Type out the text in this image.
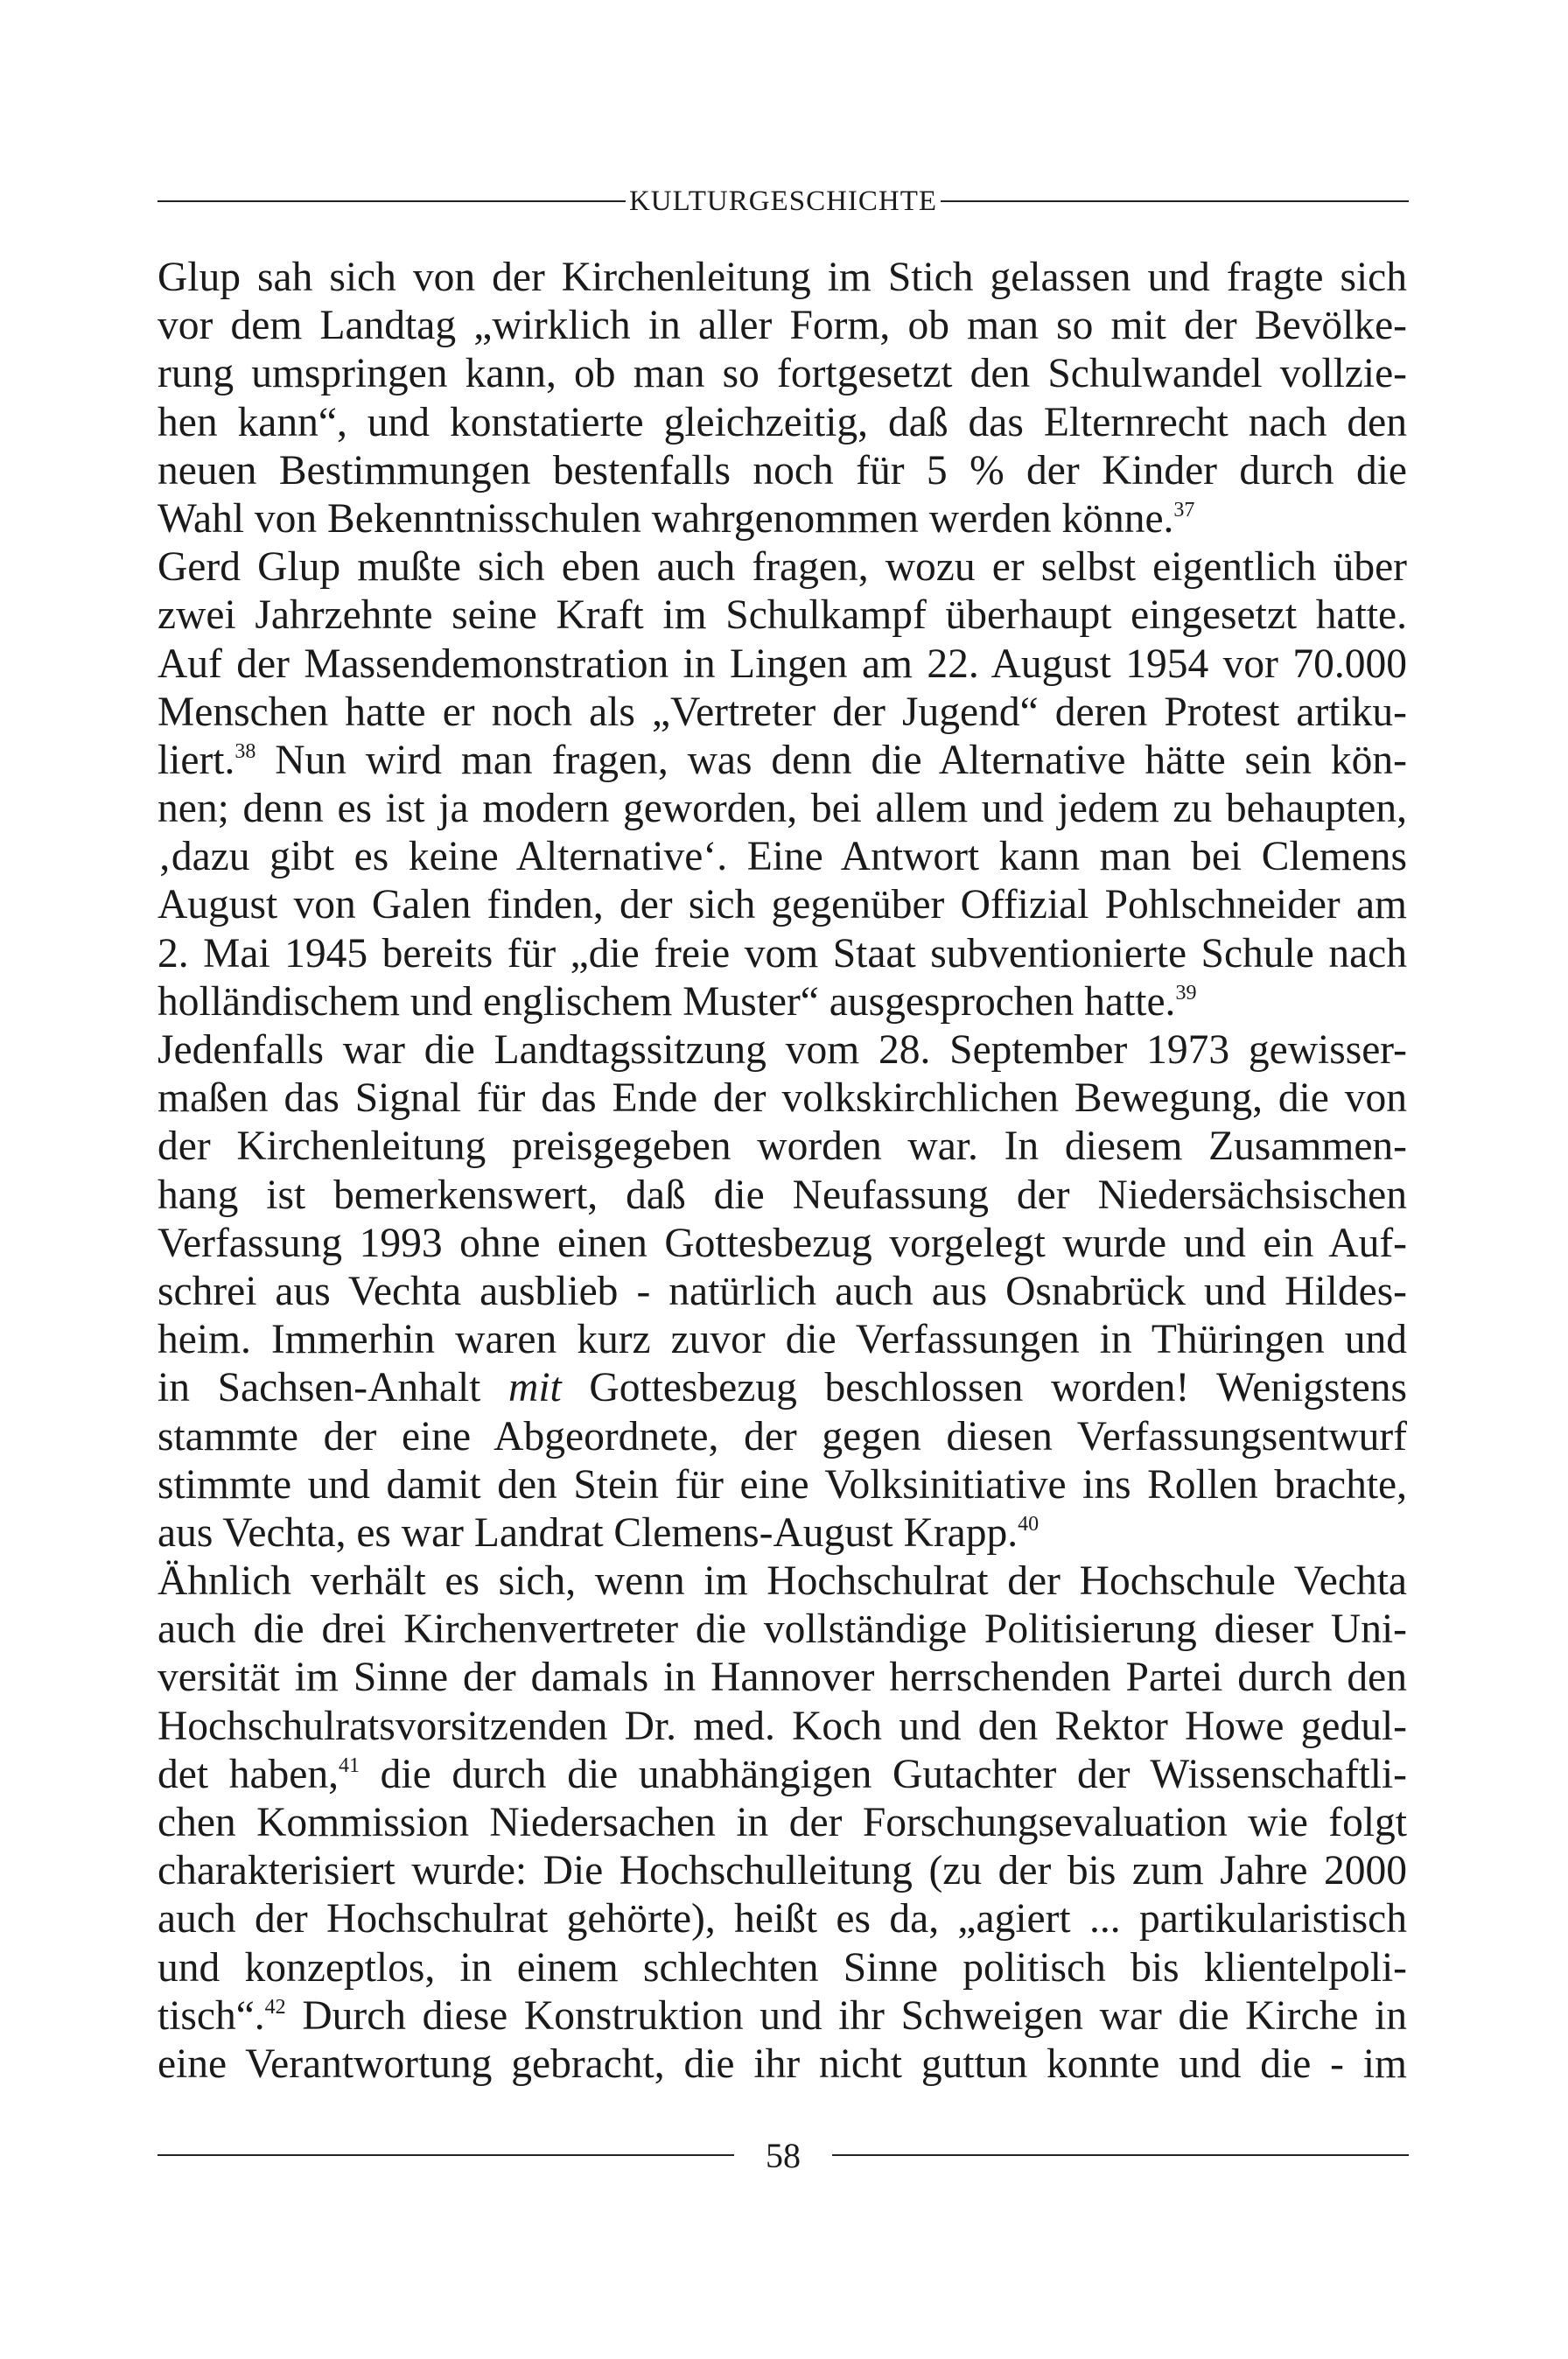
KULTURGESCHICHTE
Glup sah sich von der Kirchenleitung im Stich gelassen und fragte sich
vor dem Landtag „wirklich in aller Form, ob man so mit der Bevölke-
rung umspringen kann, ob man so fortgesetzt den Schulwandel vollzie-
hen kann“, und konstatierte gleichzeitig, daß das Elternrecht nach den
neuen Bestimmungen bestenfalls noch für 5 % der Kinder durch die
Wahl von Bekenntnisschulen wahrgenommen werden könne.$^{37}$
Gerd Glup mußte sich eben auch fragen, wozu er selbst eigentlich über
zwei Jahrzehnte seine Kraft im Schulkampf überhaupt eingesetzt hatte.
Auf der Massendemonstration in Lingen am 22. August 1954 vor 70.000
Menschen hatte er noch als „Vertreter der Jugend“ deren Protest artiku-
liert.$^{38}$ Nun wird man fragen, was denn die Alternative hätte sein kön-
nen; denn es ist ja modern geworden, bei allem und jedem zu behaupten,
‚dazu gibt es keine Alternative‘. Eine Antwort kann man bei Clemens
August von Galen finden, der sich gegenüber Offizial Pohlschneider am
2. Mai 1945 bereits für „die freie vom Staat subventionierte Schule nach
holländischem und englischem Muster“ ausgesprochen hatte.$^{39}$
Jedenfalls war die Landtagssitzung vom 28. September 1973 gewisser-
maßen das Signal für das Ende der volkskirchlichen Bewegung, die von
der Kirchenleitung preisgegeben worden war. In diesem Zusammen-
hang ist bemerkenswert, daß die Neufassung der Niedersächsischen
Verfassung 1993 ohne einen Gottesbezug vorgelegt wurde und ein Auf-
schrei aus Vechta ausblieb - natürlich auch aus Osnabrück und Hildes-
heim. Immerhin waren kurz zuvor die Verfassungen in Thüringen und
in Sachsen-Anhalt mit Gottesbezug beschlossen worden! Wenigstens
stammte der eine Abgeordnete, der gegen diesen Verfassungsentwurf
stimmte und damit den Stein für eine Volksinitiative ins Rollen brachte,
aus Vechta, es war Landrat Clemens-August Krapp.$^{40}$
Ähnlich verhält es sich, wenn im Hochschulrat der Hochschule Vechta
auch die drei Kirchenvertreter die vollständige Politisierung dieser Uni-
versität im Sinne der damals in Hannover herrschenden Partei durch den
Hochschulratsvorsitzenden Dr. med. Koch und den Rektor Howe gedul-
det haben,$^{41}$ die durch die unabhängigen Gutachter der Wissenschaftli-
chen Kommission Niedersachen in der Forschungsevaluation wie folgt
charakterisiert wurde: Die Hochschulleitung (zu der bis zum Jahre 2000
auch der Hochschulrat gehörte), heißt es da, „agiert ... partikularistisch
und konzeptlos, in einem schlechten Sinne politisch bis klientelpoli-
tisch“.$^{42}$ Durch diese Konstruktion und ihr Schweigen war die Kirche in
eine Verantwortung gebracht, die ihr nicht guttun konnte und die - im
58
